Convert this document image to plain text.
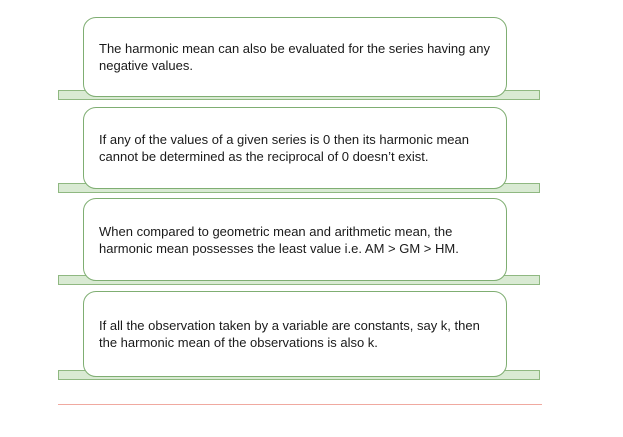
The harmonic mean can also be evaluated for the series having any negative values.

If any of the values of a given series is 0 then its harmonic mean cannot be determined as the reciprocal of 0 doesn’t exist.

When compared to geometric mean and arithmetic mean, the harmonic mean possesses the least value i.e. AM > GM > HM.

If all the observation taken by a variable are constants, say k, then the harmonic mean of the observations is also k.
